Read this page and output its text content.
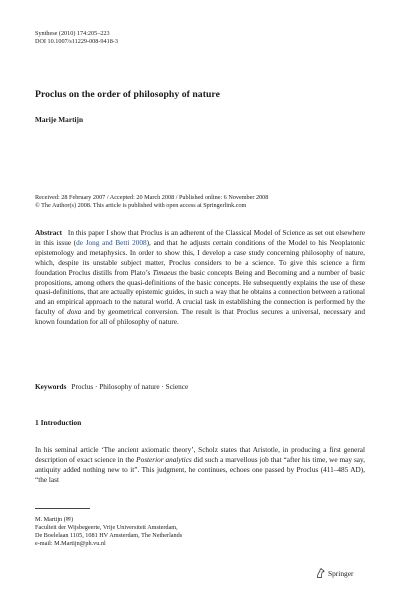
Synthese (2010) 174:205–223
DOI 10.1007/s11229-008-9418-3
Proclus on the order of philosophy of nature
Marije Martijn
Received: 28 February 2007 / Accepted: 20 March 2008 / Published online: 6 November 2008
© The Author(s) 2008. This article is published with open access at Springerlink.com
Abstract In this paper I show that Proclus is an adherent of the Classical Model of Science as set out elsewhere in this issue (de Jong and Betti 2008), and that he adjusts certain conditions of the Model to his Neoplatonic epistemology and metaphysics. In order to show this, I develop a case study concerning philosophy of nature, which, despite its unstable subject matter, Proclus considers to be a science. To give this science a firm foundation Proclus distills from Plato’s Timaeus the basic concepts Being and Becoming and a number of basic propositions, among others the quasi-definitions of the basic concepts. He subsequently explains the use of these quasi-definitions, that are actually epistemic guides, in such a way that he obtains a connection between a rational and an empirical approach to the natural world. A crucial task in establishing the connection is performed by the faculty of doxa and by geometrical conversion. The result is that Proclus secures a universal, necessary and known foundation for all of philosophy of nature.
Keywords Proclus · Philosophy of nature · Science
1 Introduction
In his seminal article ‘The ancient axiomatic theory’, Scholz states that Aristotle, in producing a first general description of exact science in the Posterior analytics did such a marvellous job that “after his time, we may say, antiquity added nothing new to it”. This judgment, he continues, echoes one passed by Proclus (411–485 AD), “the last
M. Martijn (✉)
Faculteit der Wijsbegeerte, Vrije Universiteit Amsterdam,
De Boelelaan 1105, 1081 HV Amsterdam, The Netherlands
e-mail: M.Martijn@ph.vu.nl
Springer
